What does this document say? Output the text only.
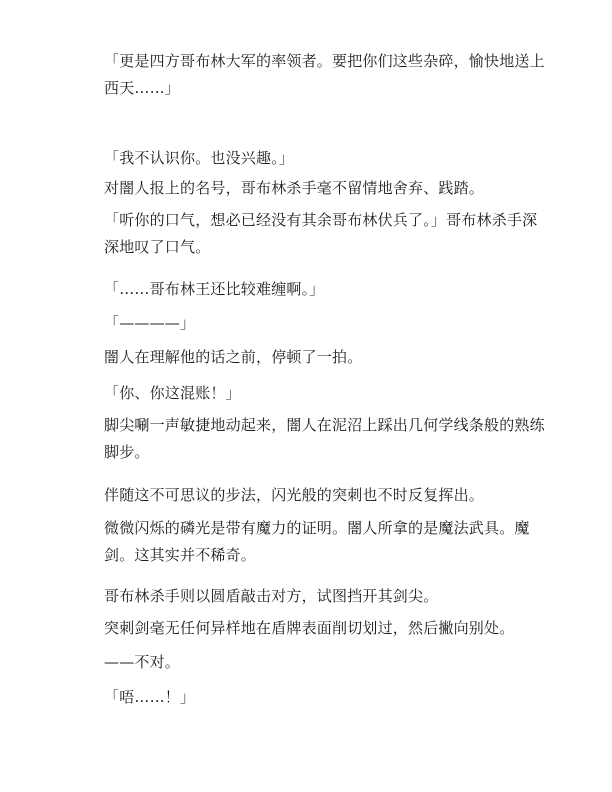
「更是四方哥布林大军的率领者。要把你们这些杂碎，愉快地送上
西天……」

「我不认识你。也没兴趣。」

对闇人报上的名号，哥布林杀手毫不留情地舍弃、践踏。

「听你的口气，想必已经没有其余哥布林伏兵了。」哥布林杀手深
深地叹了口气。

「……哥布林王还比较难缠啊。」

「————」

闇人在理解他的话之前，停顿了一拍。

「你、你这混账！」

脚尖唰一声敏捷地动起来，闇人在泥沼上踩出几何学线条般的熟练
脚步。

伴随这不可思议的步法，闪光般的突刺也不时反复挥出。

微微闪烁的磷光是带有魔力的证明。闇人所拿的是魔法武具。魔
剑。这其实并不稀奇。

哥布林杀手则以圆盾敲击对方，试图挡开其剑尖。

突刺剑毫无任何异样地在盾牌表面削切划过，然后撇向别处。

——不对。

「唔……！」
